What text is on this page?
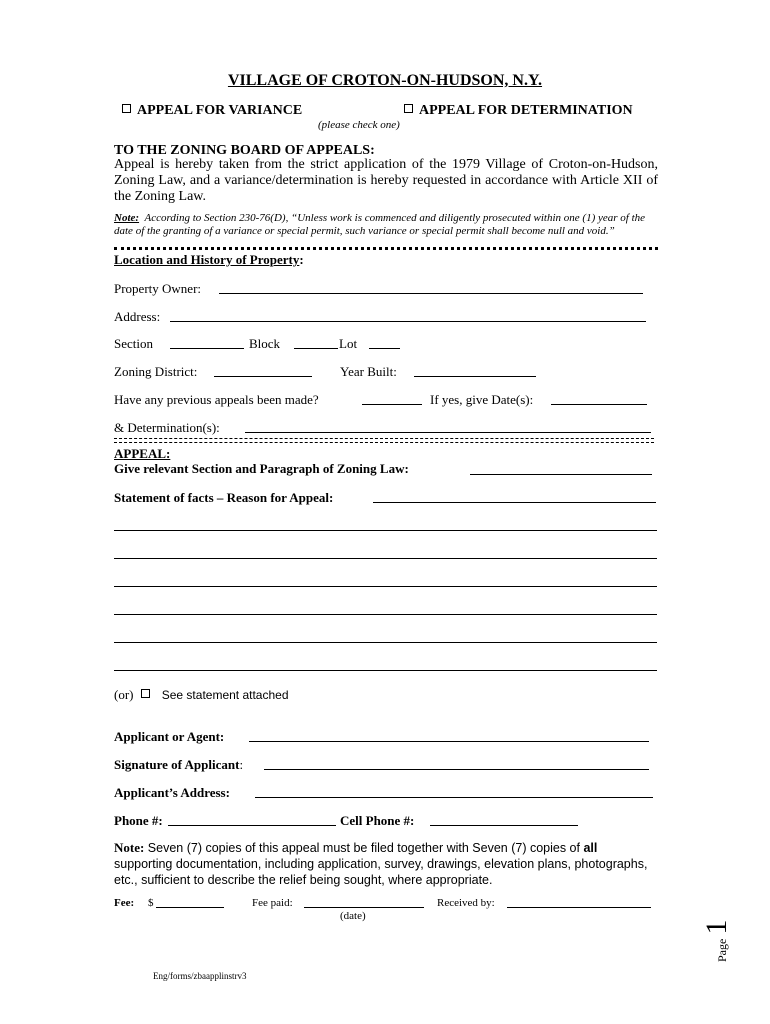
VILLAGE OF CROTON-ON-HUDSON, N.Y.
APPEAL FOR VARIANCE	APPEAL FOR DETERMINATION
(please check one)
TO THE ZONING BOARD OF APPEALS:
Appeal is hereby taken from the strict application of the 1979 Village of Croton-on-Hudson, Zoning Law, and a variance/determination is hereby requested in accordance with Article XII of the Zoning Law.
Note: According to Section 230-76(D), “Unless work is commenced and diligently prosecuted within one (1) year of the date of the granting of a variance or special permit, such variance or special permit shall become null and void.”
Location and History of Property:
Property Owner:
Address:
Section	Block	Lot
Zoning District:	Year Built:
Have any previous appeals been made?	If yes, give Date(s):
& Determination(s):
APPEAL:
Give relevant Section and Paragraph of Zoning Law:
Statement of facts – Reason for Appeal:
(or) See statement attached
Applicant or Agent:
Signature of Applicant:
Applicant’s Address:
Phone #:	Cell Phone #:
Note: Seven (7) copies of this appeal must be filed together with Seven (7) copies of all supporting documentation, including application, survey, drawings, elevation plans, photographs, etc., sufficient to describe the relief being sought, where appropriate.
Fee: $	Fee paid:	Received by:
(date)
Page 1
Eng/forms/zbaapplinstrv3
